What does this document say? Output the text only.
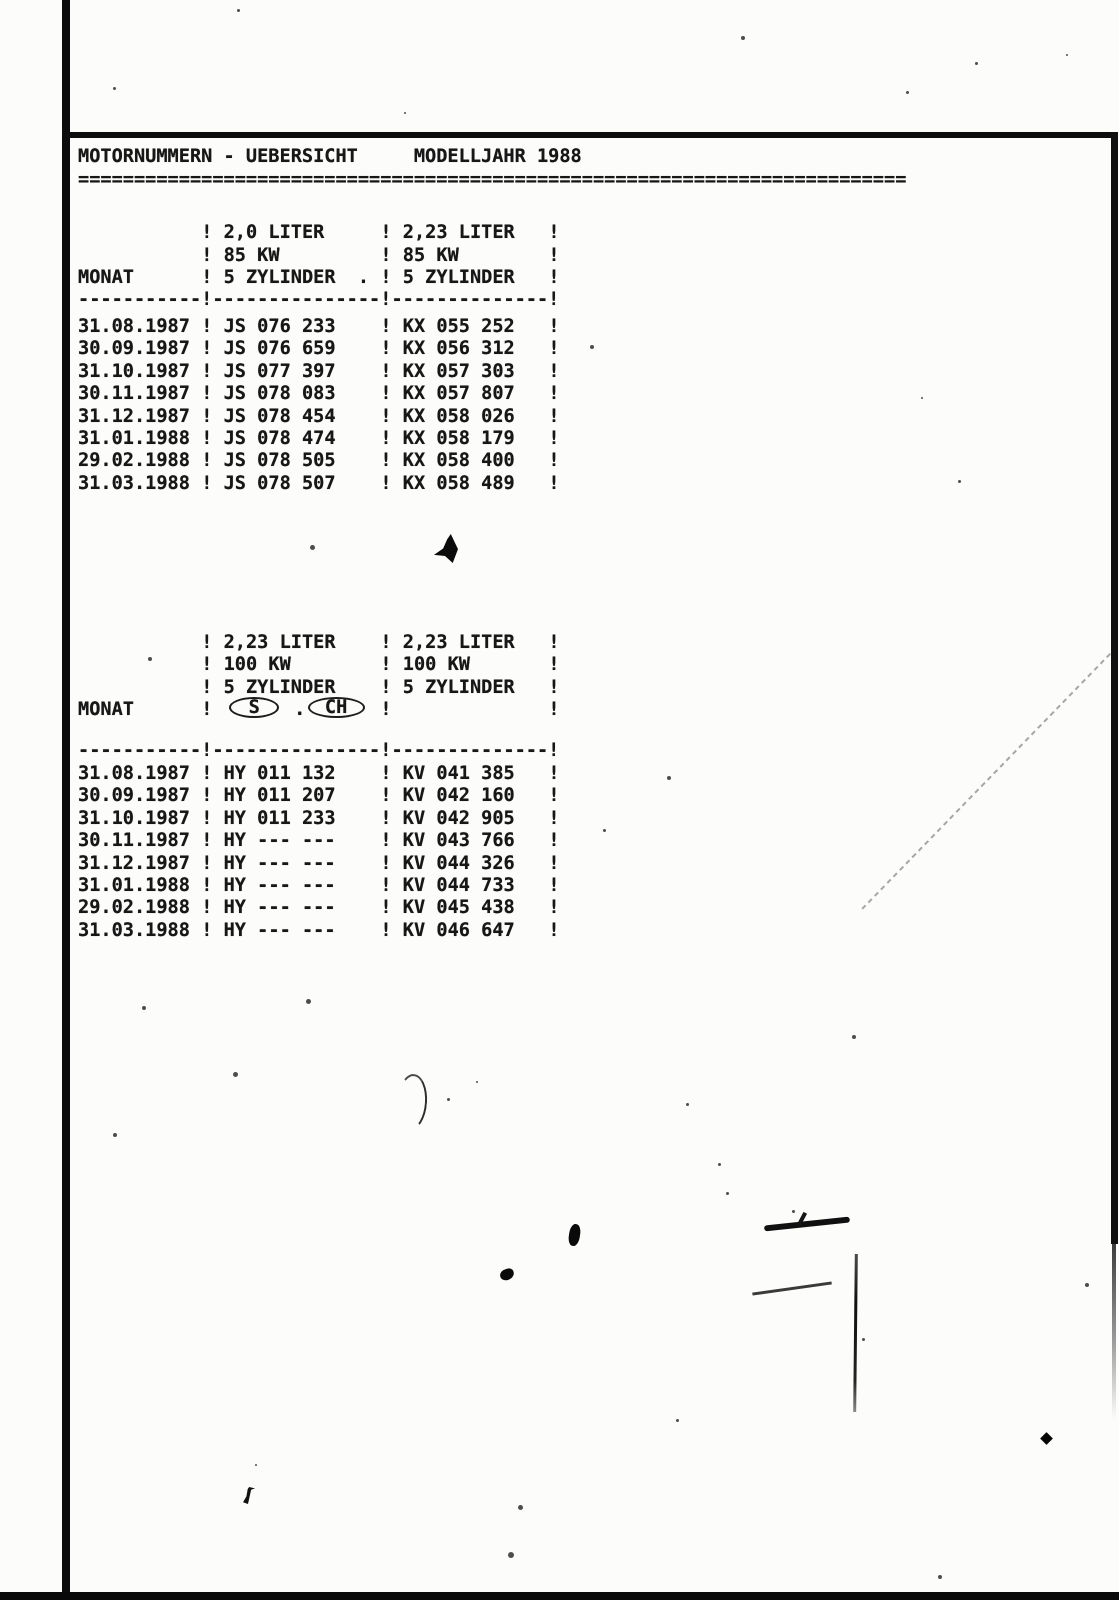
MOTORNUMMERN - UEBERSICHT     MODELLJAHR 1988
==========================================================================
! 2,0 LITER	! 2,23 LITER !
! 85 KW	! 85 KW	!
MONAT	! 5 ZYLINDER  . ! 5 ZYLINDER !
-----------!---------------!--------------!
31.08.1987 ! JS 076 233 ! KX 055 252 !
30.09.1987 ! JS 076 659 ! KX 056 312 !
31.10.1987 ! JS 077 397 ! KX 057 303 !
30.11.1987 ! JS 078 083 ! KX 057 807 !
31.12.1987 ! JS 078 454 ! KX 058 026 !
31.01.1988 ! JS 078 474 ! KX 058 179 !
29.02.1988 ! JS 078 505 ! KX 058 400 !
31.03.1988 ! JS 078 507 ! KX 058 489 !
! 2,23 LITER ! 2,23 LITER !
! 100 KW	! 100 KW	!
! 5 ZYLINDER ! 5 ZYLINDER !
MONAT	!	S	.	CH	!	!
-----------!---------------!--------------!
31.08.1987 ! HY 011 132 ! KV 041 385 !
30.09.1987 ! HY 011 207 ! KV 042 160 !
31.10.1987 ! HY 011 233 ! KV 042 905 !
30.11.1987 ! HY --- --- ! KV 043 766 !
31.12.1987 ! HY --- --- ! KV 044 326 !
31.01.1988 ! HY --- --- ! KV 044 733 !
29.02.1988 ! HY --- --- ! KV 045 438 !
31.03.1988 ! HY --- --- ! KV 046 647 !
